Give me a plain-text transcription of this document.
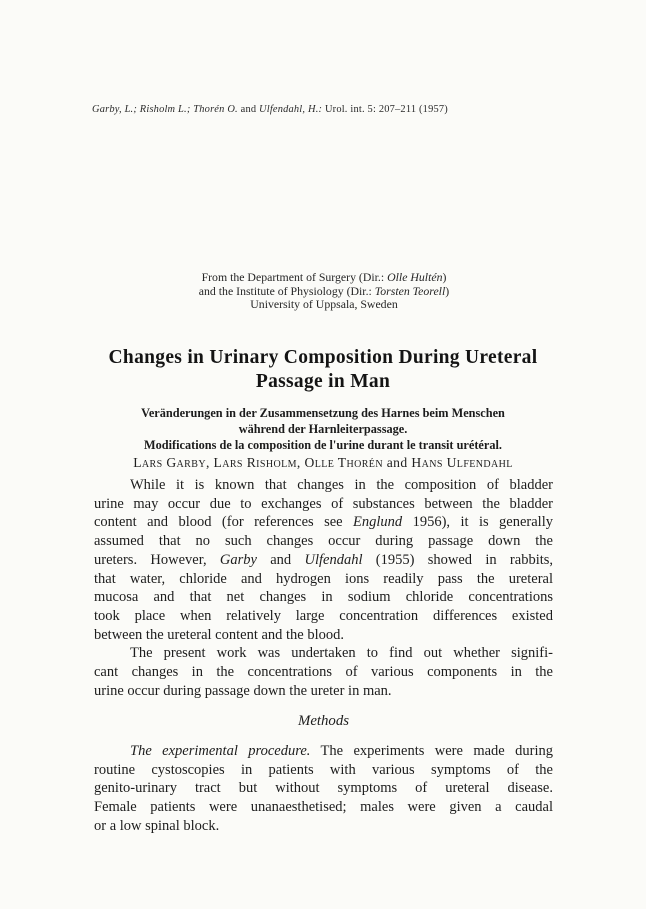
Garby, L.; Risholm L.; Thorén O. and Ulfendahl, H.: Urol. int. 5: 207–211 (1957)
From the Department of Surgery (Dir.: Olle Hultén)
and the Institute of Physiology (Dir.: Torsten Teorell)
University of Uppsala, Sweden
Changes in Urinary Composition During Ureteral
Passage in Man
Veränderungen in der Zusammensetzung des Harnes beim Menschen
während der Harnleiterpassage.
Modifications de la composition de l'urine durant le transit urétéral.
Lars Garby, Lars Risholm, Olle Thorén and Hans Ulfendahl
While it is known that changes in the composition of bladder
urine may occur due to exchanges of substances between the bladder
content and blood (for references see Englund 1956), it is generally
assumed that no such changes occur during passage down the
ureters. However, Garby and Ulfendahl (1955) showed in rabbits,
that water, chloride and hydrogen ions readily pass the ureteral
mucosa and that net changes in sodium chloride concentrations
took place when relatively large concentration differences existed
between the ureteral content and the blood.
The present work was undertaken to find out whether signifi-
cant changes in the concentrations of various components in the
urine occur during passage down the ureter in man.
Methods
The experimental procedure. The experiments were made during
routine cystoscopies in patients with various symptoms of the
genito-urinary tract but without symptoms of ureteral disease.
Female patients were unanaesthetised; males were given a caudal
or a low spinal block.
